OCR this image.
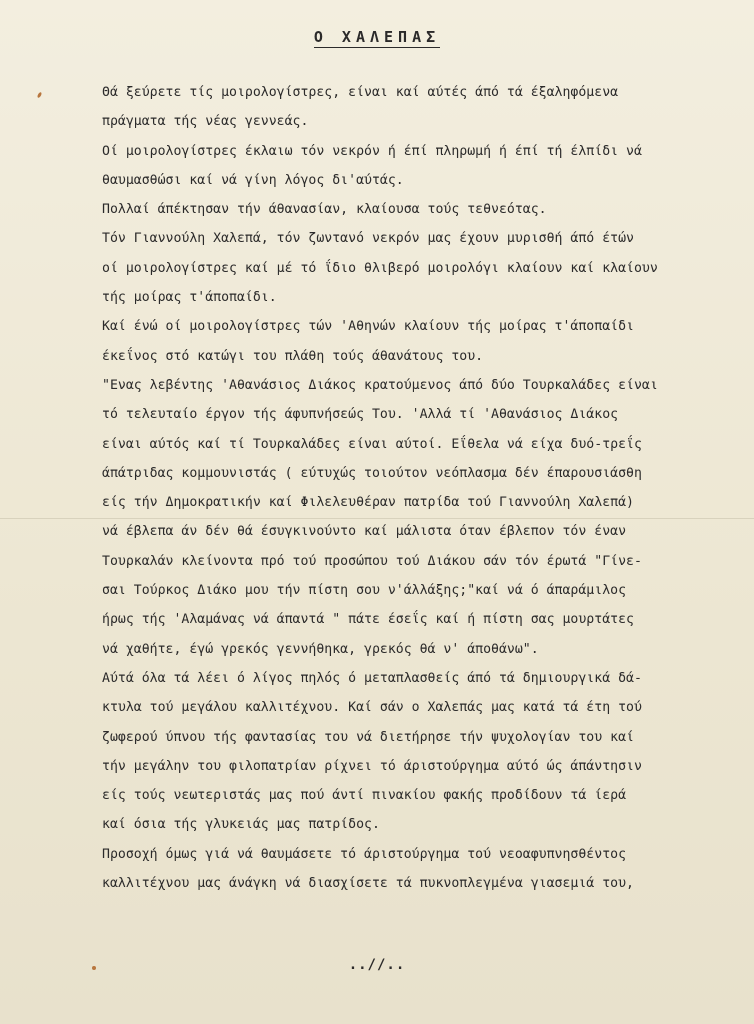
Ο ΧΑΛΕΠΑΣ
Θά ξεύρετε τίς μοιρολογίστρες, είναι καί αύτές άπό τά έξαληφόμενα
πράγματα τής νέας γεννεάς.
Οί μοιρολογίστρες έκλαιω τόν νεκρόν ή έπί πληρωμή ή έπί τή έλπίδι νά
θαυμασθώσι καί νά γίνη λόγος δι'αύτάς.
Πολλαί άπέκτησαν τήν άθανασίαν, κλαίουσα τούς τεθνεότας.
Τόν Γιαννούλη Χαλεπά, τόν ζωντανό νεκρόν μας έχουν μυρισθή άπό έτών
οί μοιρολογίστρες καί μέ τό ΐδιο θλιβερό μοιρολόγι κλαίουν καί κλαίουν
τής μοίρας τ'άποπαίδι.
Καί ένώ οί μοιρολογίστρες τών 'Αθηνών κλαίουν τής μοίρας τ'άποπαίδι
έκεΐνος στό κατώγι του πλάθη τούς άθανάτους του.
"Ενας λεβέντης 'Αθανάσιος Διάκος κρατούμενος άπό δύο Τουρκαλάδες είναι
τό τελευταίο έργον τής άφυπνήσεώς Του. 'Αλλά τί 'Αθανάσιος Διάκος
είναι αύτός καί τί Τουρκαλάδες είναι αύτοί. Εΐθελα νά είχα δυό-τρεΐς
άπάτριδας κομμουνιστάς ( εύτυχώς τοιούτον νεόπλασμα δέν έπαρουσιάσθη
είς τήν Δημοκρατικήν καί Φιλελευθέραν πατρίδα τού Γιαννούλη Χαλεπά)
νά έβλεπα άν δέν θά έσυγκινούντο καί μάλιστα όταν έβλεπον τόν έναν
Τουρκαλάν κλείνοντα πρό τού προσώπου τού Διάκου σάν τόν έρωτά "Γίνε-
σαι Τούρκος Διάκο μου τήν πίστη σου ν'άλλάξης;"καί νά ό άπαράμιλος
ήρως τής 'Αλαμάνας νά άπαντά " πάτε έσεΐς καί ή πίστη σας μουρτάτες
νά χαθήτε, έγώ γρεκός γεννήθηκα, γρεκός θά ν' άποθάνω".
Αύτά όλα τά λέει ό λίγος πηλός ό μεταπλασθείς άπό τά δημιουργικά δά-
κτυλα τού μεγάλου καλλιτέχνου. Καί σάν ο Χαλεπάς μας κατά τά έτη τού
ζωφερού ύπνου τής φαντασίας του νά διετήρησε τήν ψυχολογίαν του καί
τήν μεγάλην του φιλοπατρίαν ρίχνει τό άριστούργημα αύτό ώς άπάντησιν
είς τούς νεωτεριστάς μας πού άντί πινακίου φακής προδίδουν τά ίερά
καί όσια τής γλυκειάς μας πατρίδος.
Προσοχή όμως γιά νά θαυμάσετε τό άριστούργημα τού νεοαφυπνησθέντος
καλλιτέχνου μας άνάγκη νά διασχίσετε τά πυκνοπλεγμένα γιασεμιά του,
..//..
